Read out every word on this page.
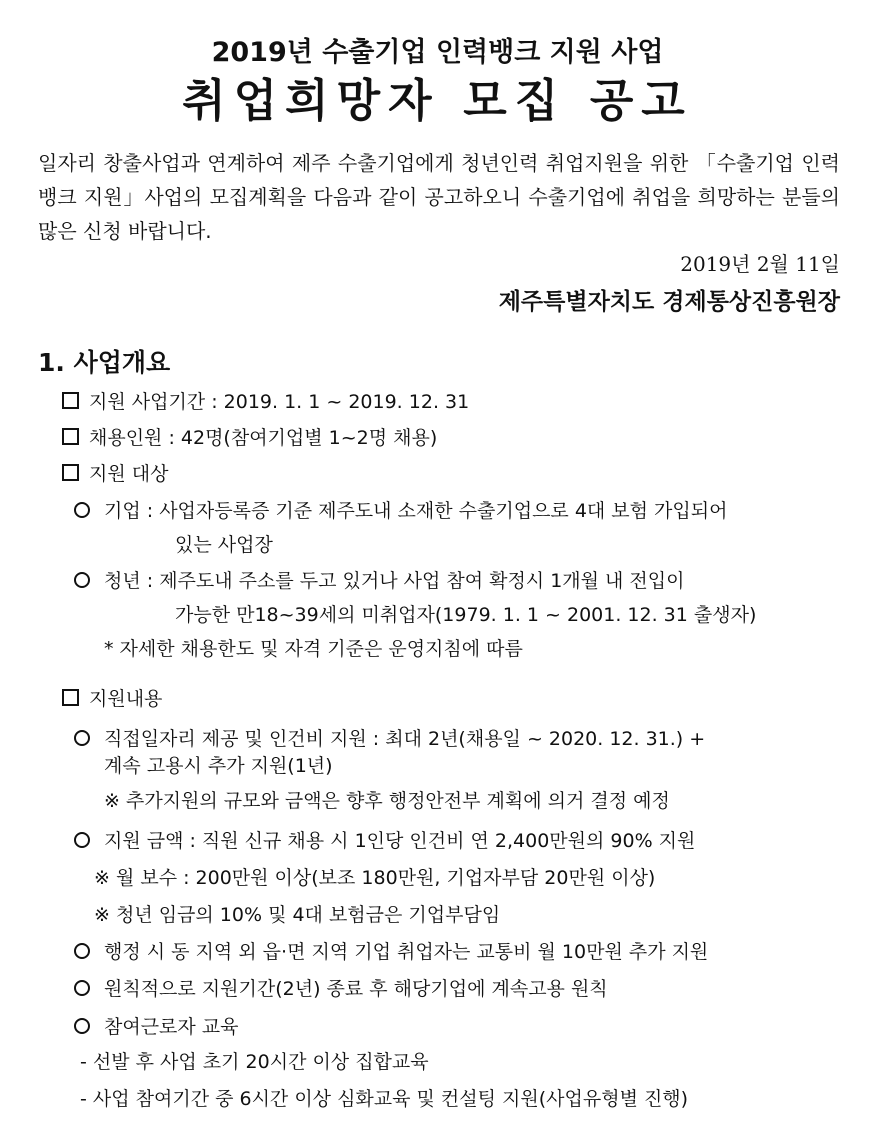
2019년 수출기업 인력뱅크 지원 사업
취업희망자 모집 공고

일자리 창출사업과 연계하여 제주 수출기업에게 청년인력 취업지원을 위한 「수출기업 인력뱅크 지원」사업의 모집계획을 다음과 같이 공고하오니 수출기업에 취업을 희망하는 분들의 많은 신청 바랍니다.

2019년 2월 11일
제주특별자치도 경제통상진흥원장
1. 사업개요
지원 사업기간 : 2019. 1. 1 ~ 2019. 12. 31
채용인원 : 42명(참여기업별 1~2명 채용)
지원 대상
기업 : 사업자등록증 기준 제주도내 소재한 수출기업으로 4대 보험 가입되어
있는 사업장
청년 : 제주도내 주소를 두고 있거나 사업 참여 확정시 1개월 내 전입이
가능한 만18~39세의 미취업자(1979. 1. 1 ~ 2001. 12. 31 출생자)
* 자세한 채용한도 및 자격 기준은 운영지침에 따름
지원내용
직접일자리 제공 및 인건비 지원 : 최대 2년(채용일 ~ 2020. 12. 31.) +
계속 고용시 추가 지원(1년)
※ 추가지원의 규모와 금액은 향후 행정안전부 계획에 의거 결정 예정
지원 금액 : 직원 신규 채용 시 1인당 인건비 연 2,400만원의 90% 지원
※ 월 보수 : 200만원 이상(보조 180만원, 기업자부담 20만원 이상)
※ 청년 임금의 10% 및 4대 보험금은 기업부담임
행정 시 동 지역 외 읍·면 지역 기업 취업자는 교통비 월 10만원 추가 지원
원칙적으로 지원기간(2년) 종료 후 해당기업에 계속고용 원칙
참여근로자 교육
- 선발 후 사업 초기 20시간 이상 집합교육
- 사업 참여기간 중 6시간 이상 심화교육 및 컨설팅 지원(사업유형별 진행)
